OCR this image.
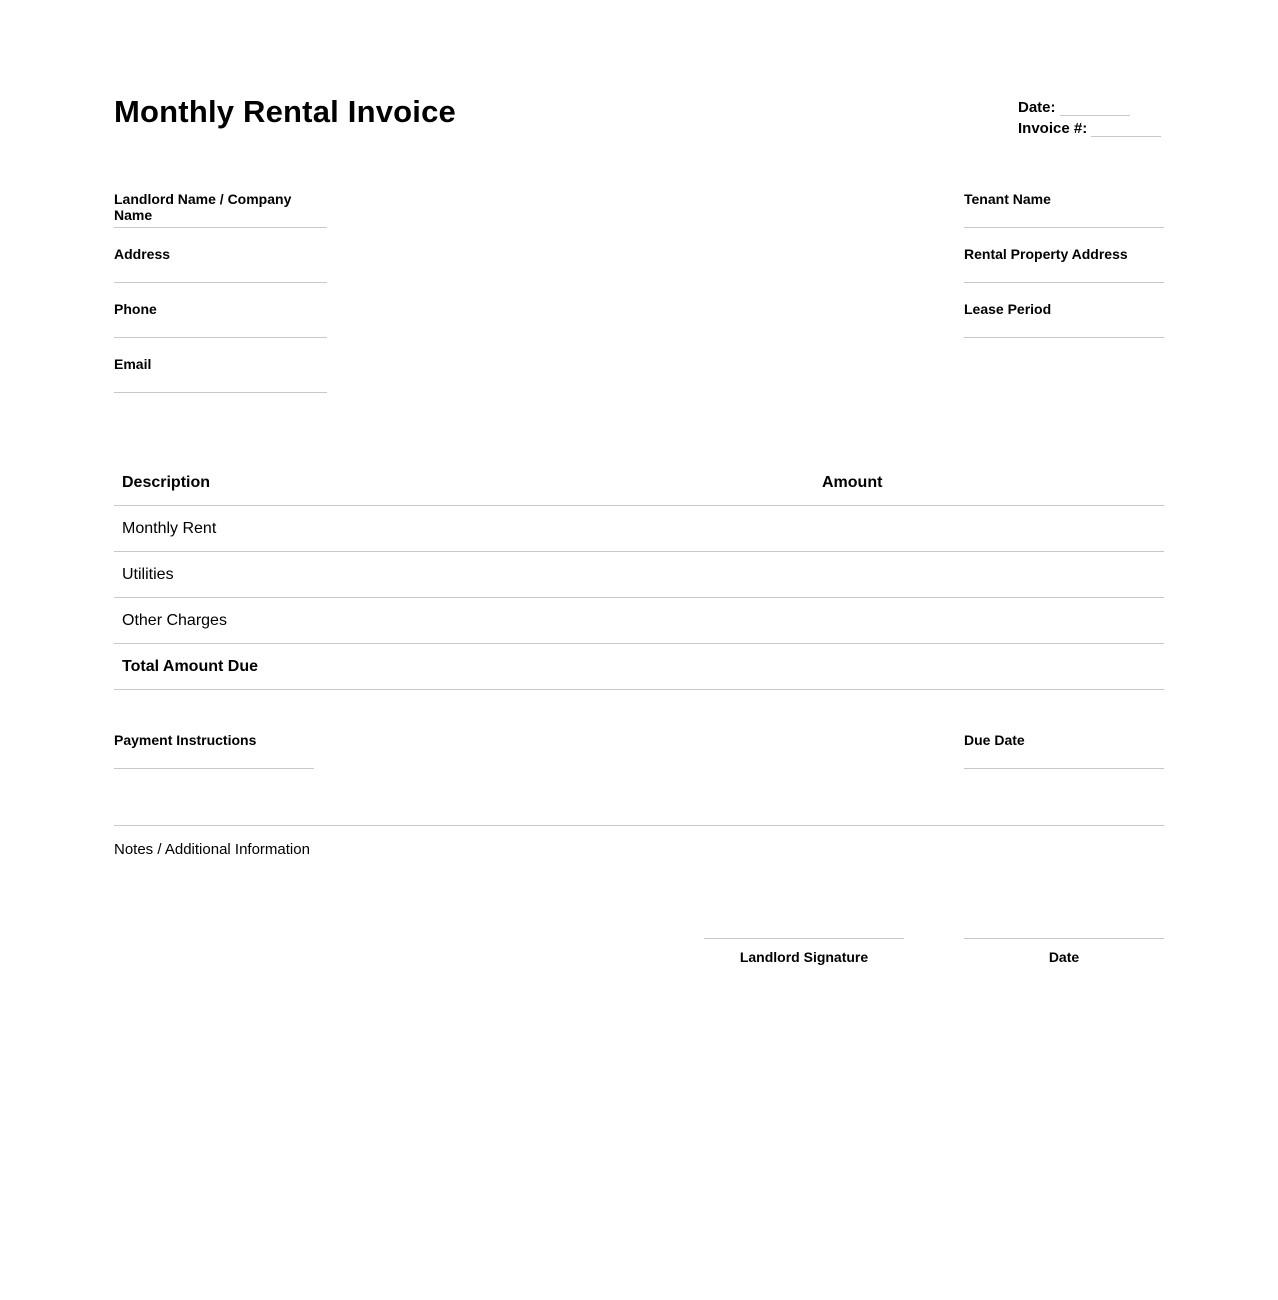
Monthly Rental Invoice	Date:
Invoice #:
Landlord Name / Company Name
Address
Phone
Email
Tenant Name
Rental Property Address
Lease Period
Description	Amount
Monthly Rent
Utilities
Other Charges
Total Amount Due
Payment Instructions	Due Date
Notes / Additional Information
Landlord Signature	Date
